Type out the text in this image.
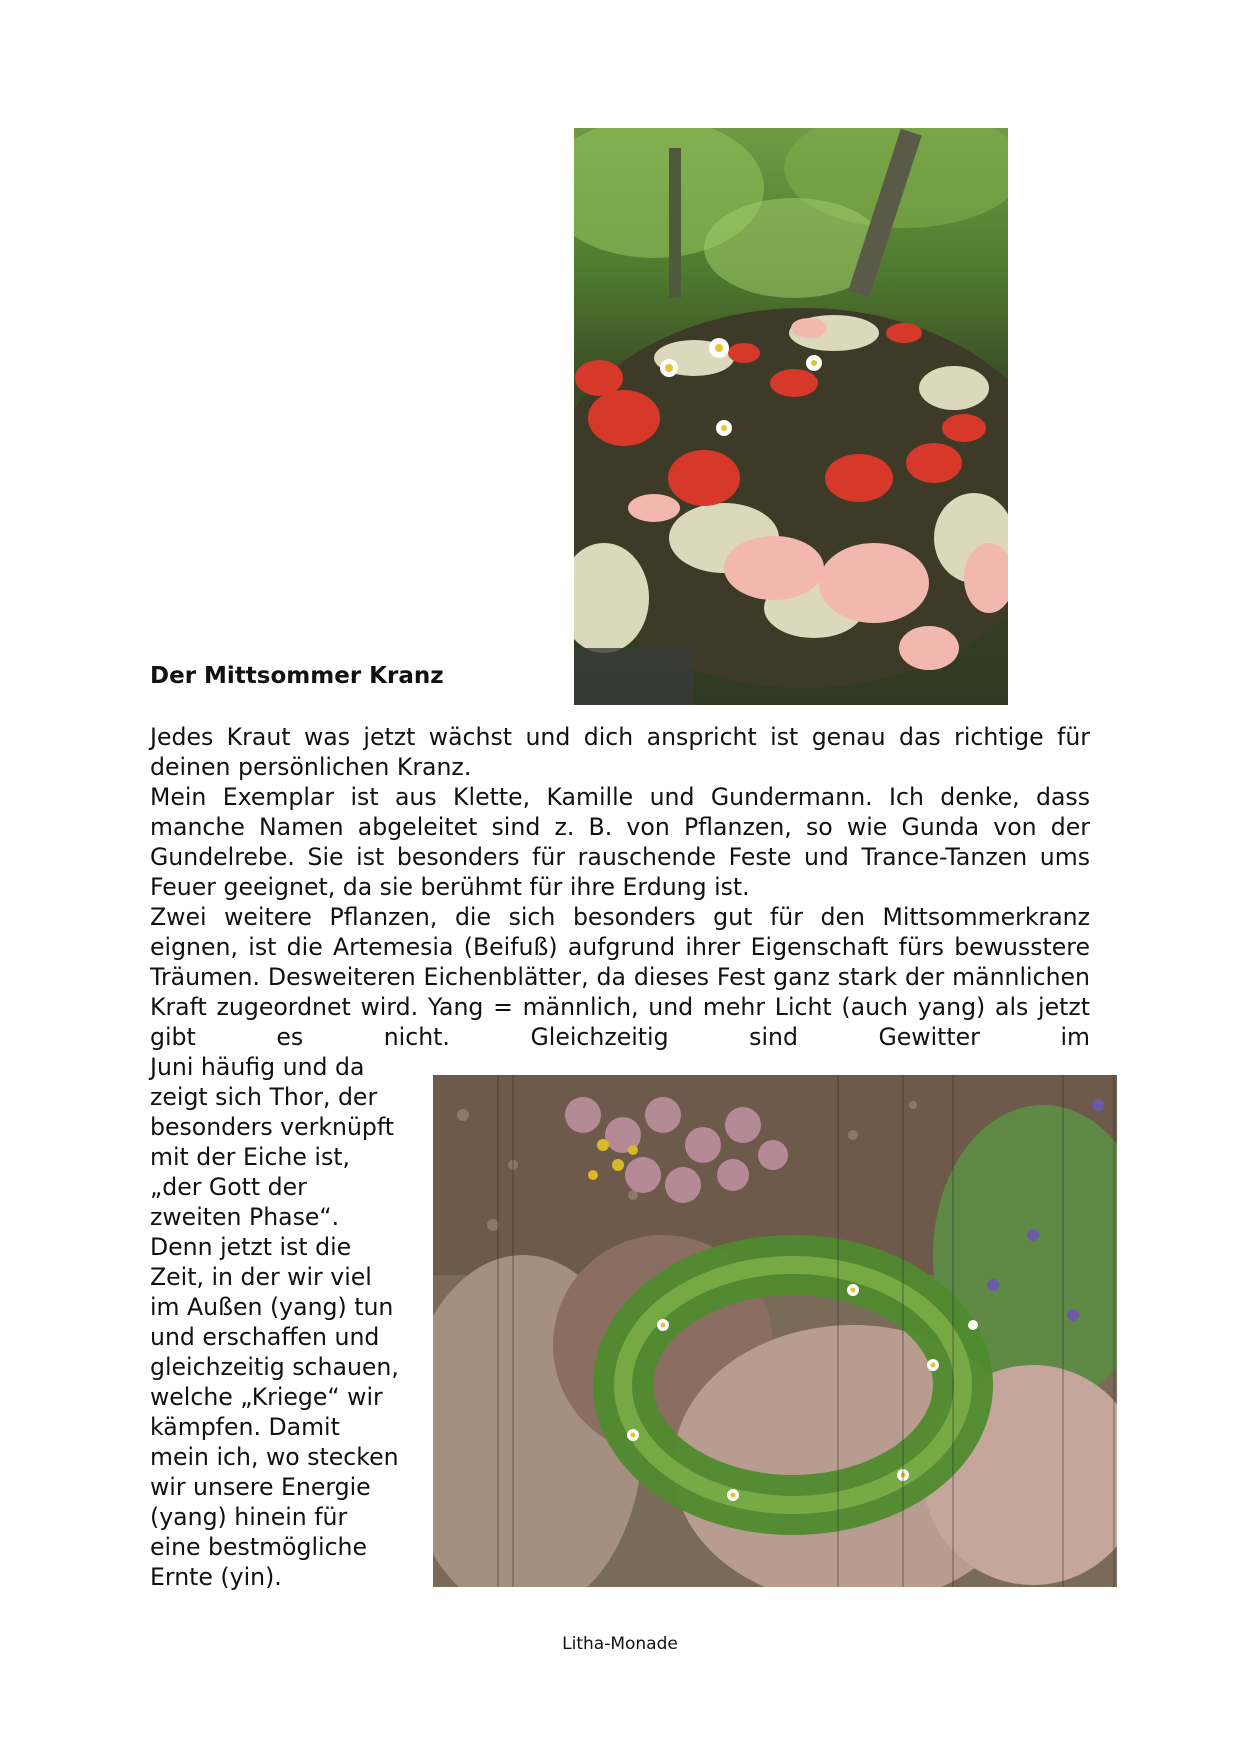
Der Mittsommer Kranz

Jedes Kraut was jetzt wächst und dich anspricht ist genau das richtige für deinen persönlichen Kranz.

Mein Exemplar ist aus Klette, Kamille und Gundermann. Ich denke, dass manche Namen abgeleitet sind z. B. von Pflanzen, so wie Gunda von der Gundelrebe. Sie ist besonders für rauschende Feste und Trance-Tanzen ums Feuer geeignet, da sie berühmt für ihre Erdung ist.

Zwei weitere Pflanzen, die sich besonders gut für den Mittsommerkranz eignen, ist die Artemesia (Beifuß) aufgrund ihrer Eigenschaft fürs bewusstere Träumen. Desweiteren Eichenblätter, da dieses Fest ganz stark der männlichen Kraft zugeordnet wird. Yang = männlich, und mehr Licht (auch yang) als jetzt gibt es nicht. Gleichzeitig sind Gewitter im

Juni häufig und da
zeigt sich Thor, der
besonders verknüpft
mit der Eiche ist,
„der Gott der
zweiten Phase“.
Denn jetzt ist die
Zeit, in der wir viel
im Außen (yang) tun
und erschaffen und
gleichzeitig schauen,
welche „Kriege“ wir
kämpfen. Damit
mein ich, wo stecken
wir unsere Energie
(yang) hinein für
eine bestmögliche
Ernte (yin).
Litha-Monade
